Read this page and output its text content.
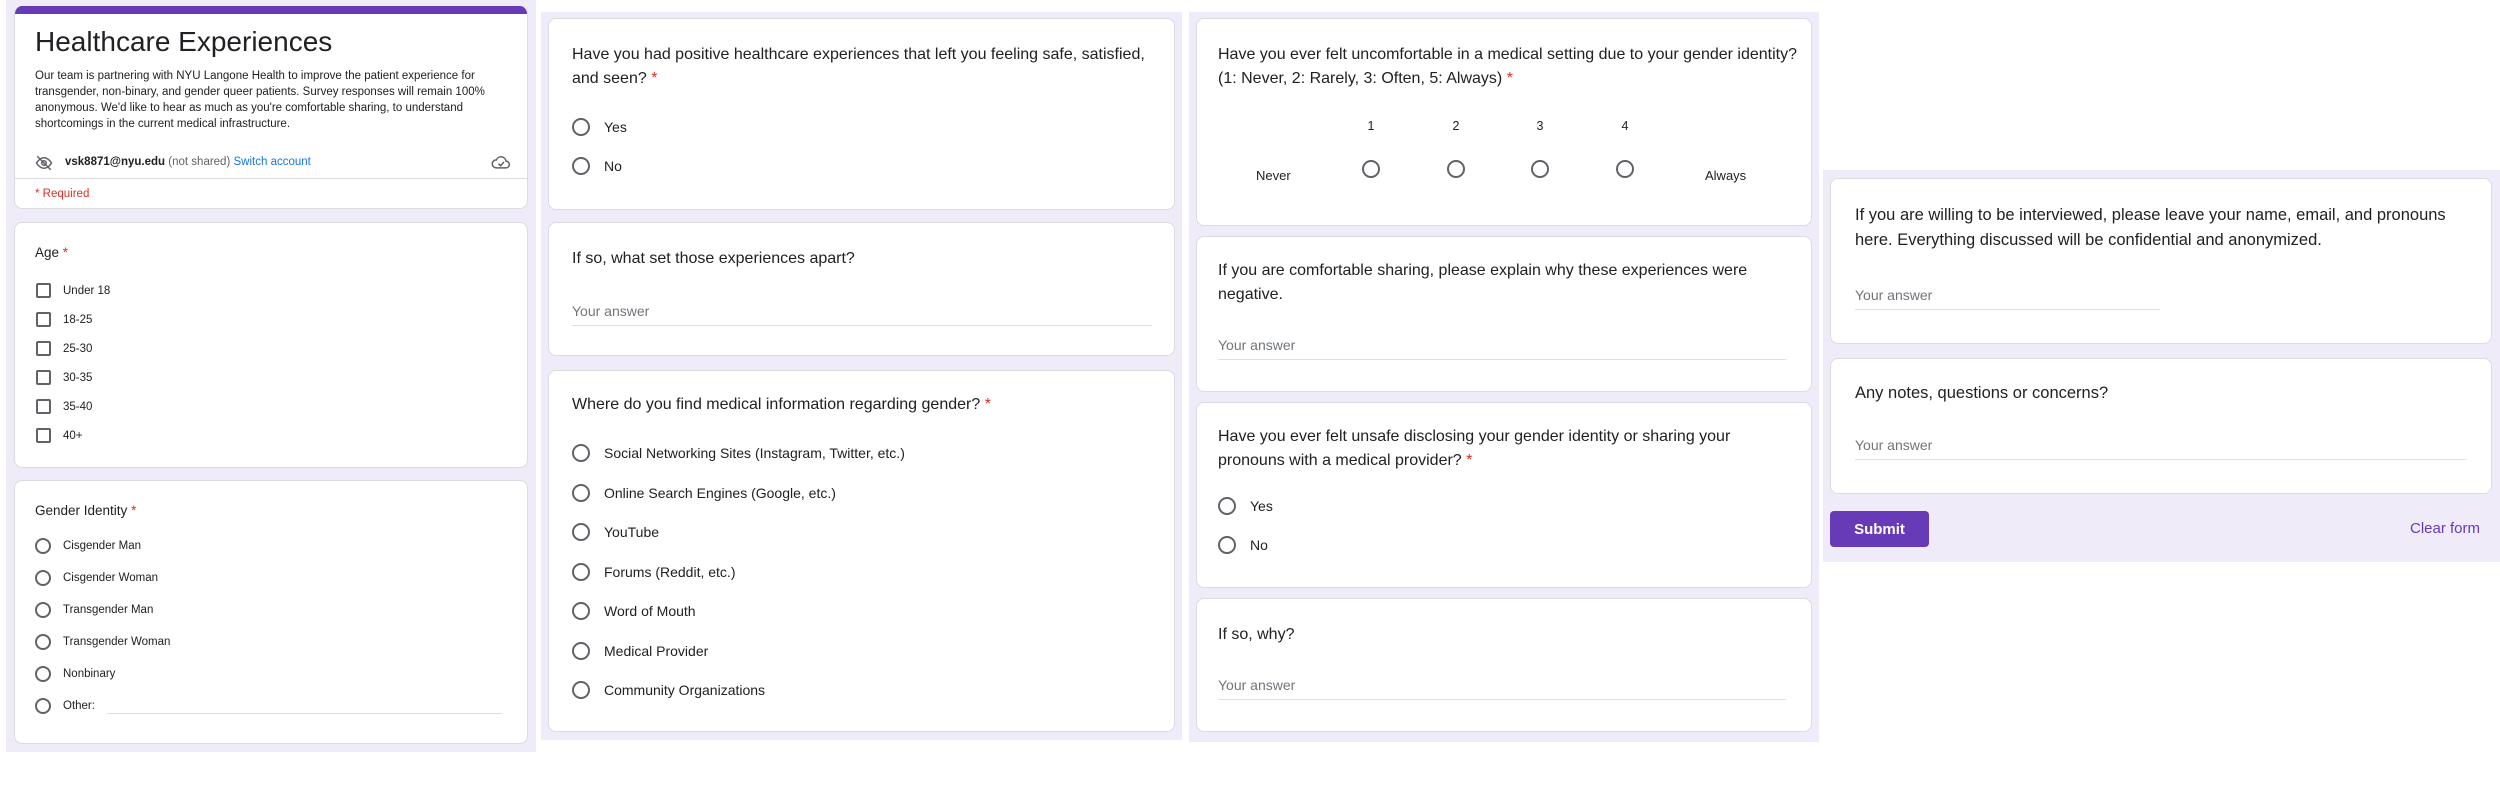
Healthcare Experiences
Our team is partnering with NYU Langone Health to improve the patient experience for transgender, non-binary, and gender queer patients. Survey responses will remain 100% anonymous. We'd like to hear as much as you're comfortable sharing, to understand shortcomings in the current medical infrastructure.
vsk8871@nyu.edu (not shared) Switch account
* Required
Age *
Under 18
18-25
25-30
30-35
35-40
40+
Gender Identity *
Cisgender Man
Cisgender Woman
Transgender Man
Transgender Woman
Nonbinary
Other:
Have you had positive healthcare experiences that left you feeling safe, satisfied, and seen? *
Yes
No
If so, what set those experiences apart?
Your answer
Where do you find medical information regarding gender? *
Social Networking Sites (Instagram, Twitter, etc.)
Online Search Engines (Google, etc.)
YouTube
Forums (Reddit, etc.)
Word of Mouth
Medical Provider
Community Organizations
Have you ever felt uncomfortable in a medical setting due to your gender identity? (1: Never, 2: Rarely, 3: Often, 5: Always) *
1	2	3	4
Never	Always
If you are comfortable sharing, please explain why these experiences were negative.
Your answer
Have you ever felt unsafe disclosing your gender identity or sharing your pronouns with a medical provider? *
Yes
No
If so, why?
Your answer
If you are willing to be interviewed, please leave your name, email, and pronouns here. Everything discussed will be confidential and anonymized.
Your answer
Any notes, questions or concerns?
Your answer
Submit	Clear form
